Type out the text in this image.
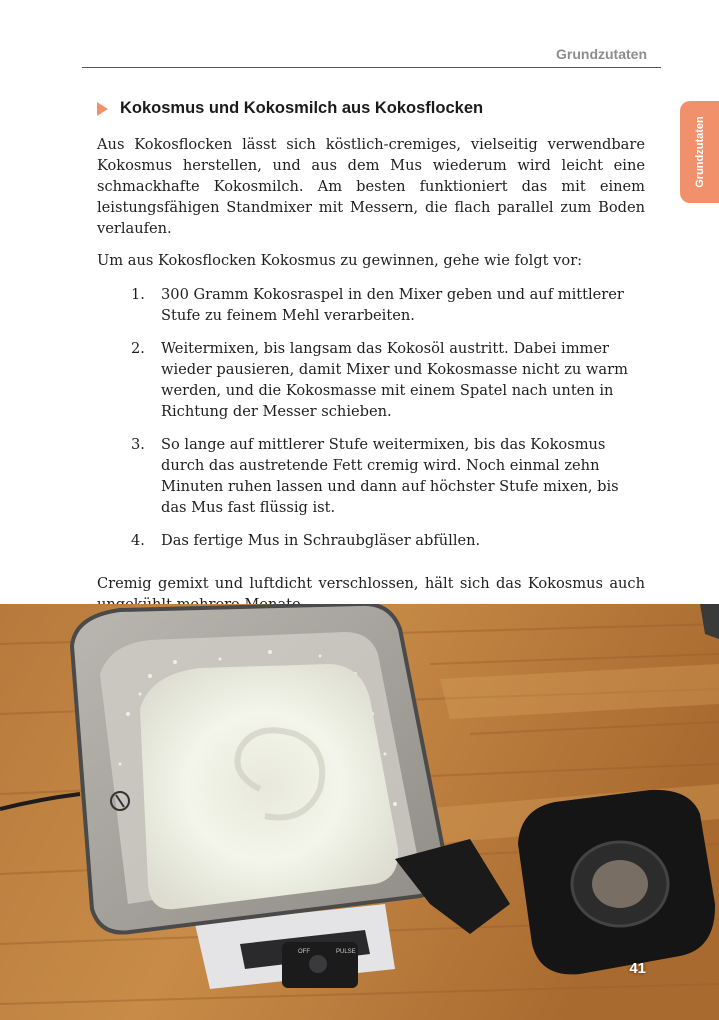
Grundzutaten
Grundzutaten
Kokosmus und Kokosmilch aus Kokosflocken

Aus Kokosflocken lässt sich köstlich-cremiges, vielseitig verwendbare Kokosmus herstellen, und aus dem Mus wiederum wird leicht eine schmackhafte Kokosmilch. Am besten funktioniert das mit einem leistungsfähigen Standmixer mit Messern, die flach parallel zum Boden verlaufen.

Um aus Kokosflocken Kokosmus zu gewinnen, gehe wie folgt vor:

1. 300 Gramm Kokosraspel in den Mixer geben und auf mittlerer Stufe zu feinem Mehl verarbeiten.
2. Weitermixen, bis langsam das Kokosöl austritt. Dabei immer wieder pausieren, damit Mixer und Kokosmasse nicht zu warm werden, und die Kokosmasse mit einem Spatel nach unten in Richtung der Messer schieben.
3. So lange auf mittlerer Stufe weitermixen, bis das Kokosmus durch das austretende Fett cremig wird. Noch einmal zehn Minuten ruhen lassen und dann auf höchster Stufe mixen, bis das Mus fast flüssig ist.
4. Das fertige Mus in Schraubgläser abfüllen.

Cremig gemixt und luftdicht verschlossen, hält sich das Kokosmus auch

OFF	PULSE
41
